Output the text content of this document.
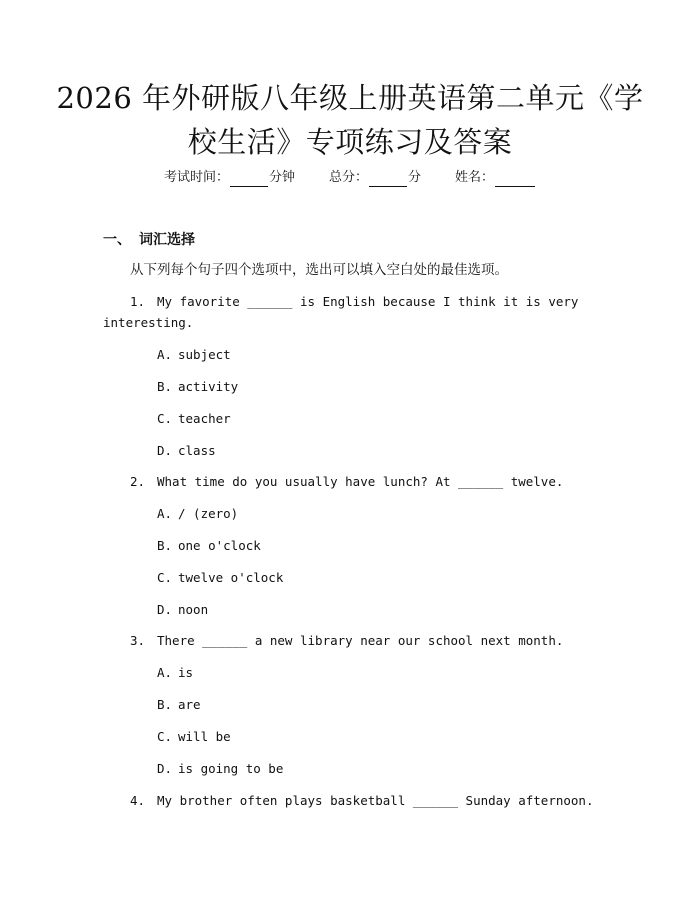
2026 年外研版八年级上册英语第二单元《学
校生活》专项练习及答案
考试时间：	分钟	总分：	分	姓名：
一、 词汇选择
从下列每个句子四个选项中，选出可以填入空白处的最佳选项。
1. My favorite ______ is English because I think it is very
interesting.
A. subject
B. activity
C. teacher
D. class
2. What time do you usually have lunch? At ______ twelve.
A. / (zero)
B. one o'clock
C. twelve o'clock
D. noon
3. There ______ a new library near our school next month.
A. is
B. are
C. will be
D. is going to be
4. My brother often plays basketball ______ Sunday afternoon.
